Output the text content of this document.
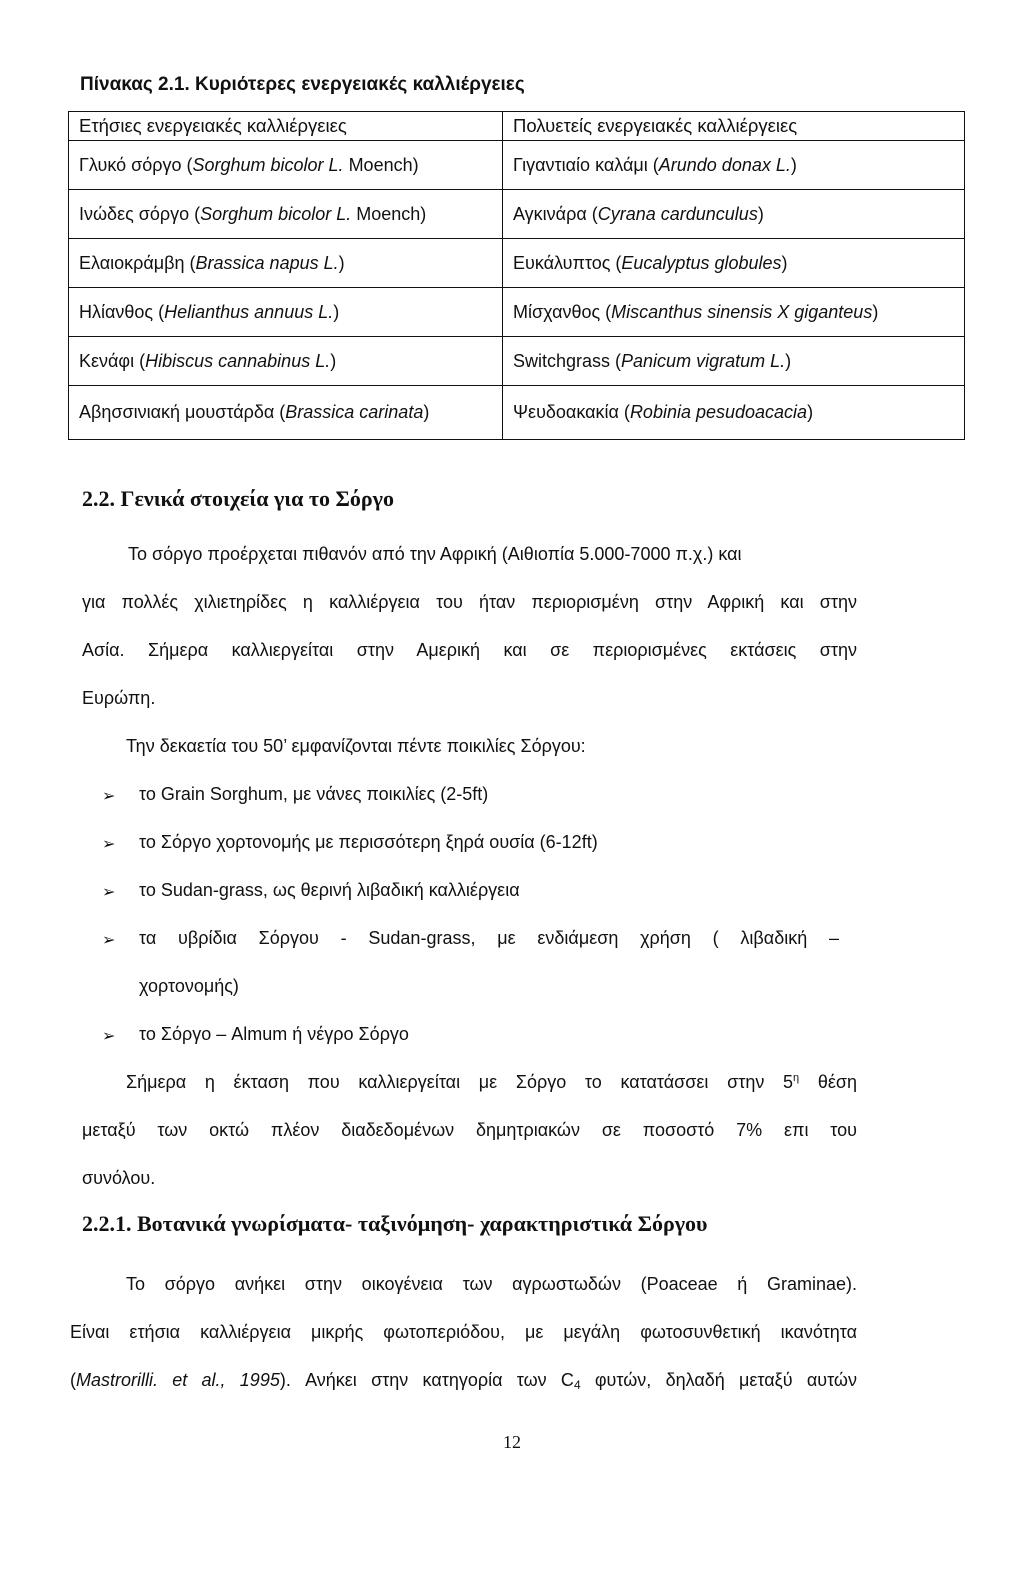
Πίνακας 2.1. Κυριότερες ενεργειακές καλλιέργειες
Ετήσιες ενεργειακές καλλιέργειες	Πολυετείς ενεργειακές καλλιέργειες
Γλυκό σόργο (Sorghum bicolor L. Moench)	Γιγαντιαίο καλάμι (Arundo donax L.)
Ινώδες σόργο (Sorghum bicolor L. Moench)	Αγκινάρα (Cyrana cardunculus)
Ελαιοκράμβη (Brassica napus L.)	Ευκάλυπτος (Eucalyptus globules)
Ηλίανθος (Helianthus annuus L.)	Μίσχανθος (Miscanthus sinensis X giganteus)
Κενάφι (Hibiscus cannabinus L.)	Switchgrass (Panicum vigratum L.)
Αβησσινιακή μουστάρδα (Brassica carinata)	Ψευδοακακία (Robinia pesudoacacia)
2.2. Γενικά στοιχεία για το Σόργο
Το σόργο προέρχεται πιθανόν από την Αφρική (Αιθιοπία 5.000-7000 π.χ.) και
για πολλές χιλιετηρίδες η καλλιέργεια του ήταν περιορισμένη στην Αφρική και στην
Ασία. Σήμερα καλλιεργείται στην Αμερική και σε περιορισμένες εκτάσεις στην
Ευρώπη.
Την δεκαετία του 50’ εμφανίζονται πέντε ποικιλίες Σόργου:
➢ το Grain Sorghum, με νάνες ποικιλίες (2-5ft)
➢ το Σόργο χορτονομής με περισσότερη ξηρά ουσία (6-12ft)
➢ το Sudan-grass, ως θερινή λιβαδική καλλιέργεια
➢ τα υβρίδια Σόργου - Sudan-grass, με ενδιάμεση χρήση ( λιβαδική –
χορτονομής)
➢ το Σόργο – Almum ή νέγρο Σόργο
Σήμερα η έκταση που καλλιεργείται με Σόργο το κατατάσσει στην $5^\eta$ θέση
μεταξύ των οκτώ πλέον διαδεδομένων δημητριακών σε ποσοστό 7% επι του
συνόλου.
2.2.1. Βοτανικά γνωρίσματα- ταξινόμηση- χαρακτηριστικά Σόργου
Το σόργο ανήκει στην οικογένεια των αγρωστωδών (Poaceae ή Graminae).
Είναι ετήσια καλλιέργεια μικρής φωτοπεριόδου, με μεγάλη φωτοσυνθετική ικανότητα
(Mastrorilli. et al., 1995). Ανήκει στην κατηγορία των $C_4$ φυτών, δηλαδή μεταξύ αυτών
12
